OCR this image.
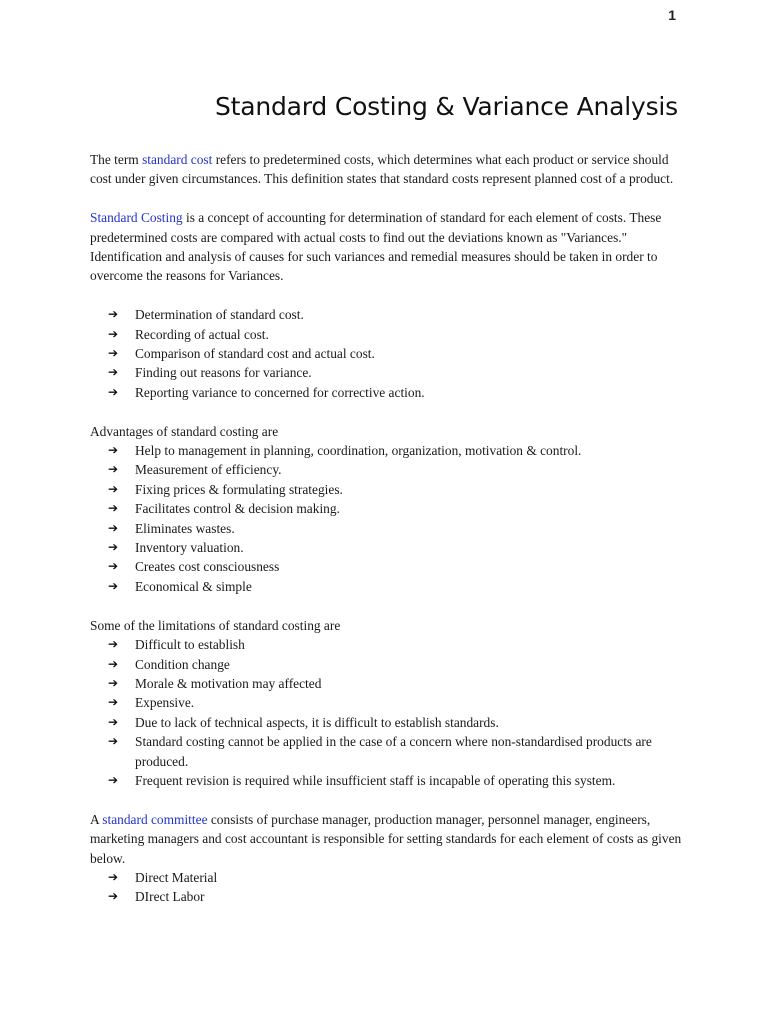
1
Standard Costing & Variance Analysis

The term standard cost refers to predetermined costs, which determines what each product or service should cost under given circumstances. This definition states that standard costs represent planned cost of a product.

Standard Costing is a concept of accounting for determination of standard for each element of costs. These predetermined costs are compared with actual costs to find out the deviations known as "Variances." Identification and analysis of causes for such variances and remedial measures should be taken in order to overcome the reasons for Variances.

➔	Determination of standard cost.
➔	Recording of actual cost.
➔	Comparison of standard cost and actual cost.
➔	Finding out reasons for variance.
➔	Reporting variance to concerned for corrective action.

Advantages of standard costing are

➔	Help to management in planning, coordination, organization, motivation & control.
➔	Measurement of efficiency.
➔	Fixing prices & formulating strategies.
➔	Facilitates control & decision making.
➔	Eliminates wastes.
➔	Inventory valuation.
➔	Creates cost consciousness
➔	Economical & simple

Some of the limitations of standard costing are

➔	Difficult to establish
➔	Condition change
➔	Morale & motivation may affected
➔	Expensive.
➔	Due to lack of technical aspects, it is difficult to establish standards.
➔	Standard costing cannot be applied in the case of a concern where non-standardised products are produced.
➔	Frequent revision is required while insufficient staff is incapable of operating this system.

A standard committee consists of purchase manager, production manager, personnel manager, engineers, marketing managers and cost accountant is responsible for setting standards for each element of costs as given below.

➔	Direct Material
➔	DIrect Labor
